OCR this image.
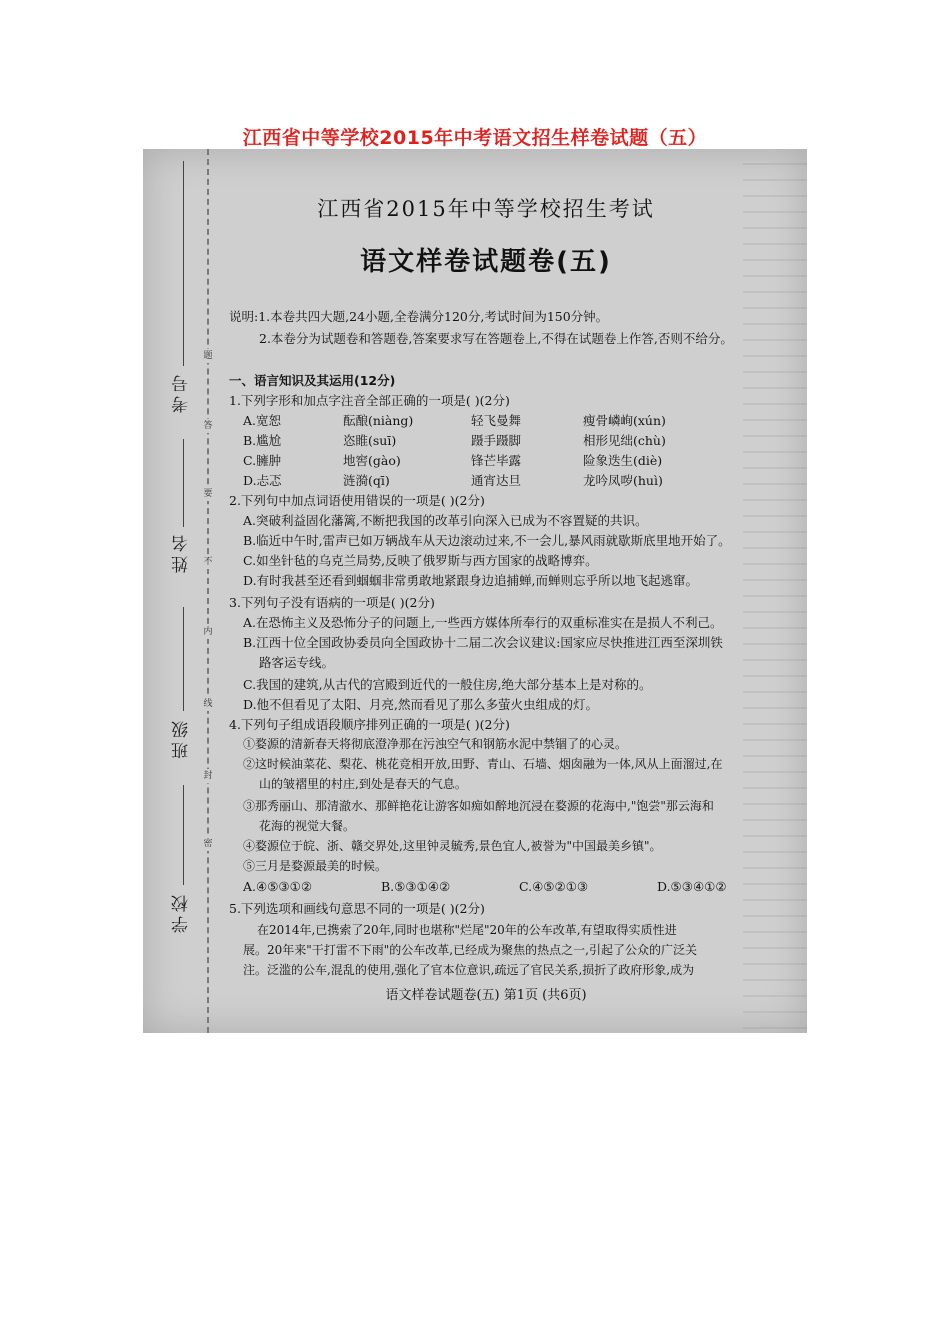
江西省中等学校2015年中考语文招生样卷试题（五）
考号
姓名
班级
学校
题
答
要
不
内
线
封
密
江西省2015年中等学校招生考试
语文样卷试题卷(五)
说明:1.本卷共四大题,24小题,全卷满分120分,考试时间为150分钟。
2.本卷分为试题卷和答题卷,答案要求写在答题卷上,不得在试题卷上作答,否则不给分。
一、语言知识及其运用(12分)
1.下列字形和加点字注音全部正确的一项是( )(2分)
A.宽恕	酝酿(niàng)	轻飞曼舞	瘦骨嶙峋(xún)
B.尴尬	恣睢(suī)	蹑手蹑脚	相形见绌(chù)
C.臃肿	地窖(gào)	锋芒毕露	险象迭生(diè)
D.忐忑	涟漪(qī)	通宵达旦	龙吟凤哕(huì)
2.下列句中加点词语使用错误的一项是( )(2分)
A.突破利益固化藩篱,不断把我国的改革引向深入已成为不容置疑的共识。
B.临近中午时,雷声已如万辆战车从天边滚动过来,不一会儿,暴风雨就歇斯底里地开始了。
C.如坐针毡的乌克兰局势,反映了俄罗斯与西方国家的战略博弈。
D.有时我甚至还看到蝈蝈非常勇敢地紧跟身边追捕蝉,而蝉则忘乎所以地飞起逃窜。
3.下列句子没有语病的一项是( )(2分)
A.在恐怖主义及恐怖分子的问题上,一些西方媒体所奉行的双重标准实在是损人不利己。
B.江西十位全国政协委员向全国政协十二届二次会议建议:国家应尽快推进江西至深圳铁
路客运专线。
C.我国的建筑,从古代的宫殿到近代的一般住房,绝大部分基本上是对称的。
D.他不但看见了太阳、月亮,然而看见了那么多萤火虫组成的灯。
4.下列句子组成语段顺序排列正确的一项是( )(2分)
①婺源的清新春天将彻底澄净那在污浊空气和钢筋水泥中禁锢了的心灵。
②这时候油菜花、梨花、桃花竞相开放,田野、青山、石墙、烟囱融为一体,风从上面溜过,在
山的皱褶里的村庄,到处是春天的气息。
③那秀丽山、那清澈水、那鲜艳花让游客如痴如醉地沉浸在婺源的花海中,"饱尝"那云海和
花海的视觉大餐。
④婺源位于皖、浙、赣交界处,这里钟灵毓秀,景色宜人,被誉为"中国最美乡镇"。
⑤三月是婺源最美的时候。
A.④⑤③①②	B.⑤③①④②	C.④⑤②①③	D.⑤③④①②
5.下列选项和画线句意思不同的一项是( )(2分)
在2014年,已携索了20年,同时也堪称"烂尾"20年的公车改革,有望取得实质性进
展。20年来"干打雷不下雨"的公车改革,已经成为聚焦的热点之一,引起了公众的广泛关
注。泛滥的公车,混乱的使用,强化了官本位意识,疏远了官民关系,损折了政府形象,成为
语文样卷试题卷(五) 第1页 (共6页)
